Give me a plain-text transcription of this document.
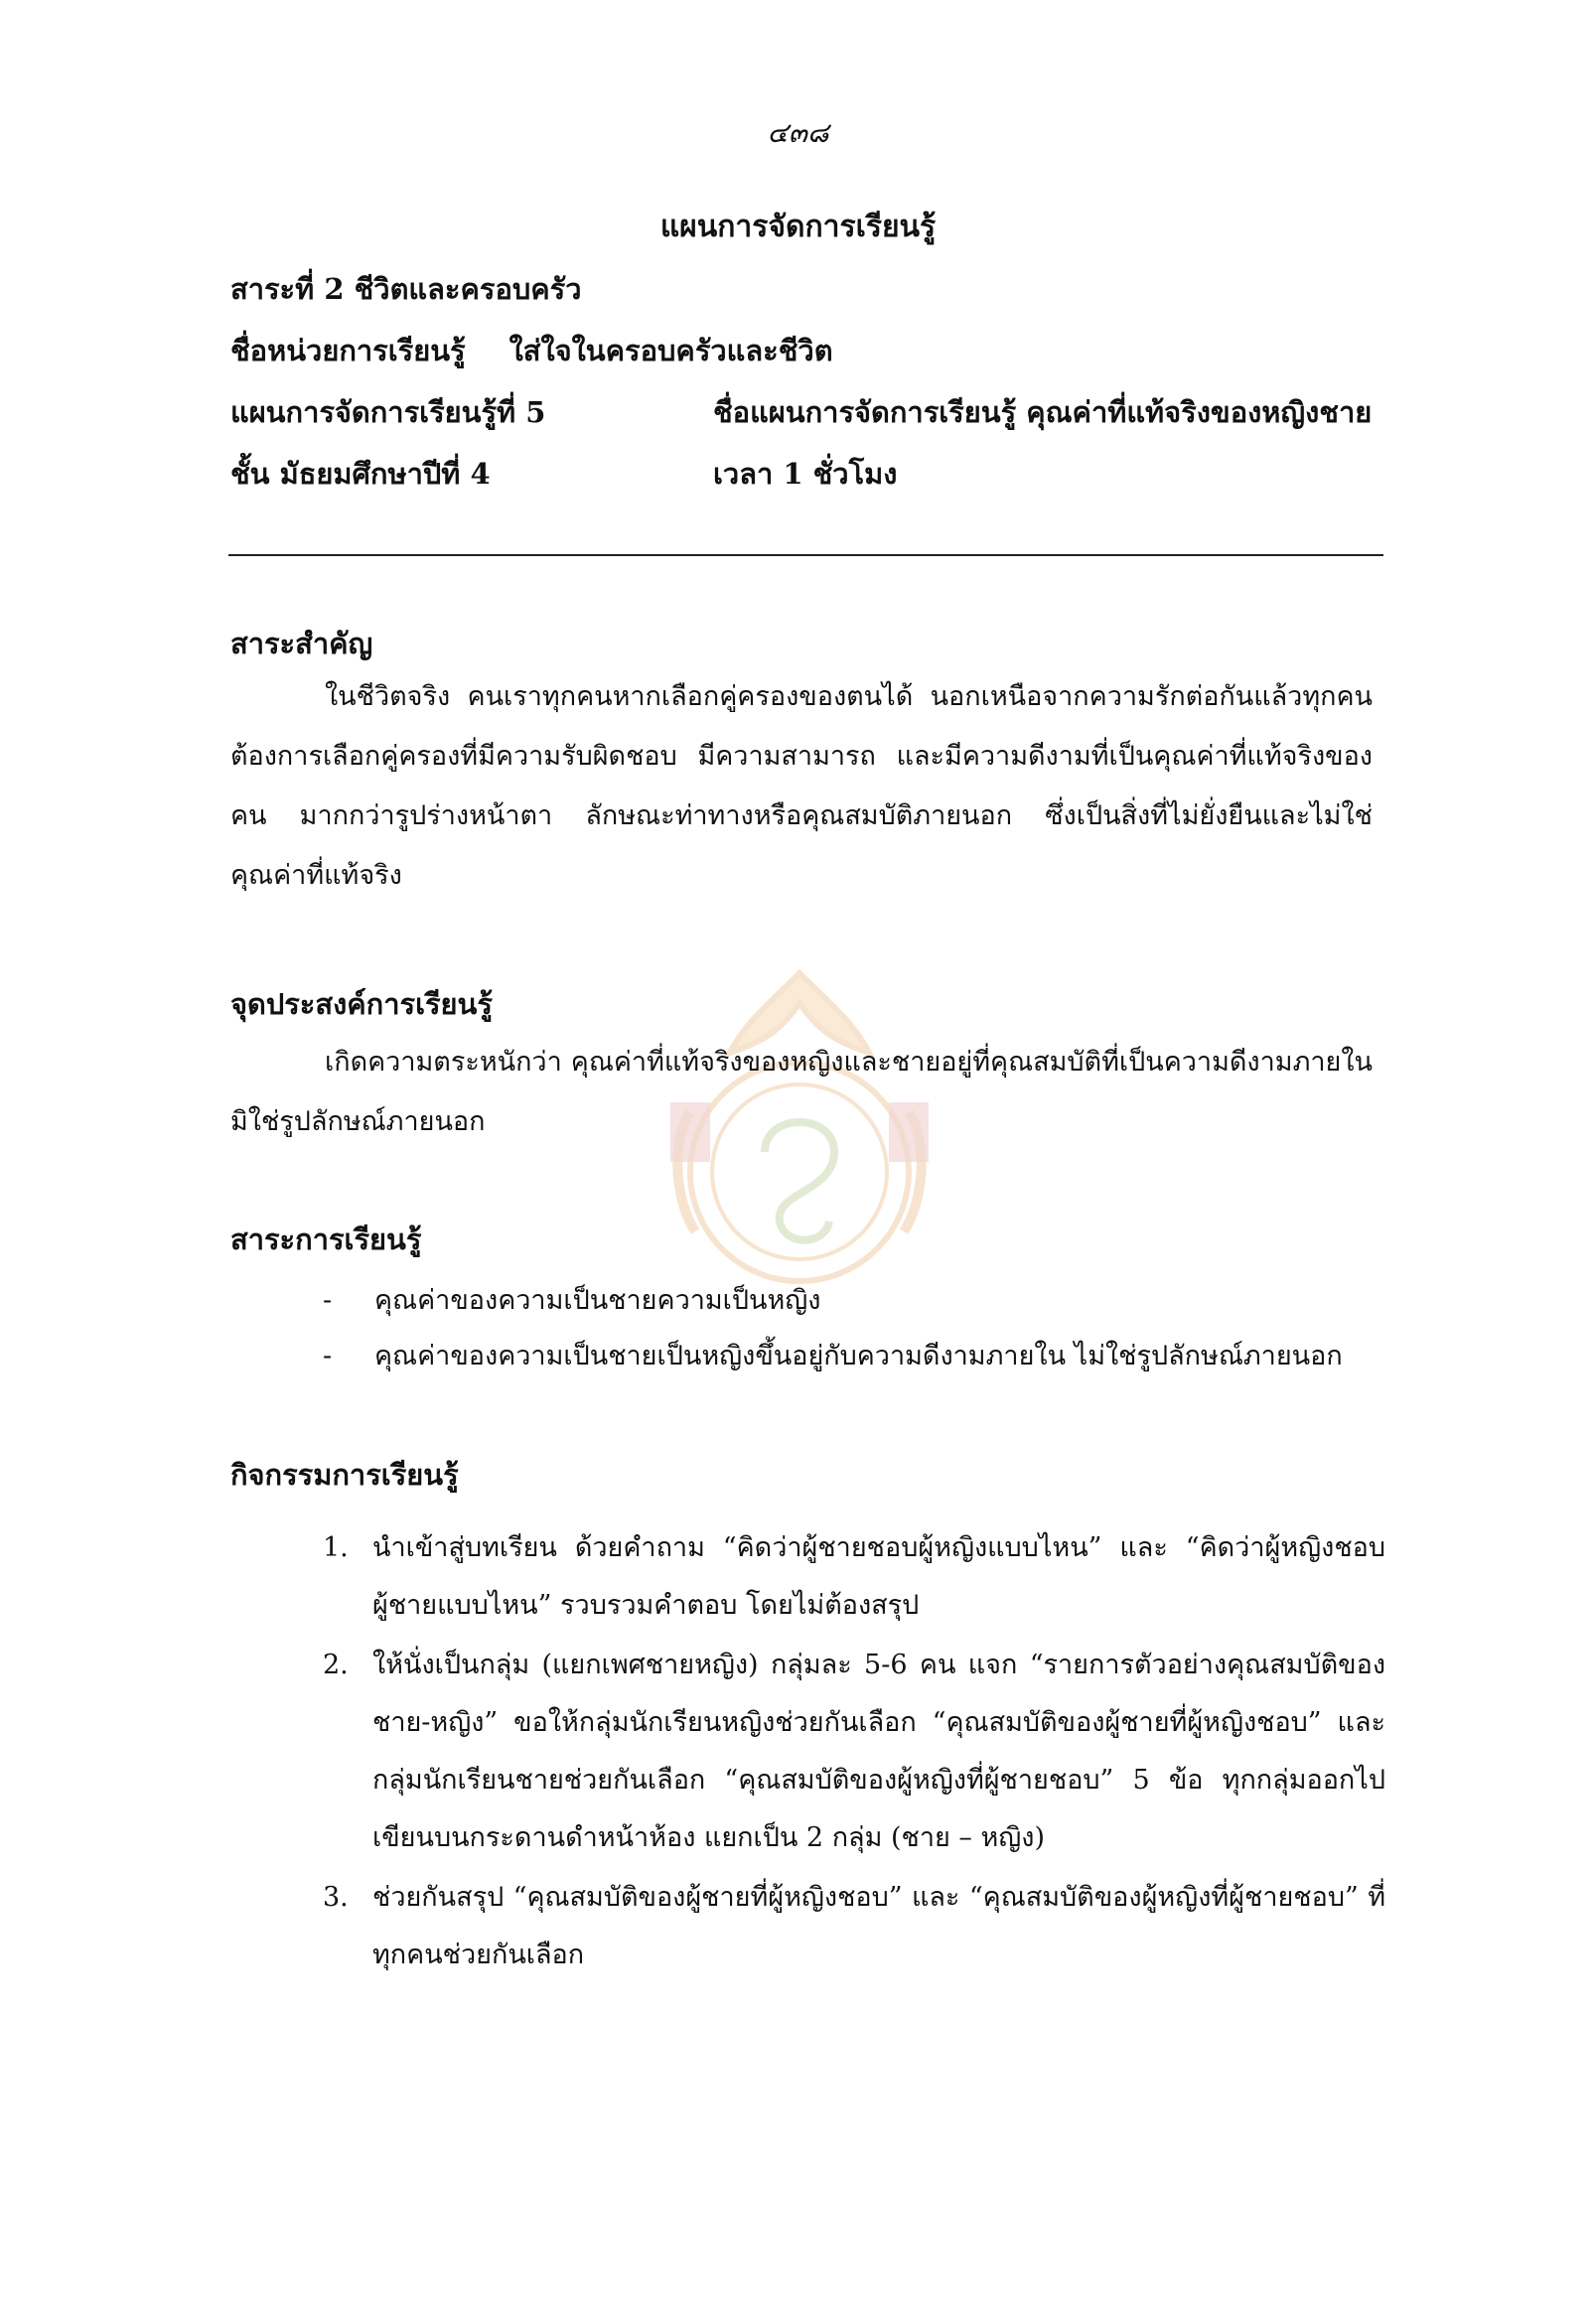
๔๓๘
แผนการจัดการเรียนรู้
สาระที่ 2 ชีวิตและครอบครัว
ชื่อหน่วยการเรียนรู้ ใส่ใจในครอบครัวและชีวิต
แผนการจัดการเรียนรู้ที่ 5	ชื่อแผนการจัดการเรียนรู้ คุณค่าที่แท้จริงของหญิงชาย
ชั้น มัธยมศึกษาปีที่ 4	เวลา 1 ชั่วโมง
สาระสำคัญ
ในชีวิตจริง คนเราทุกคนหากเลือกคู่ครองของตนได้ นอกเหนือจากความรักต่อกันแล้วทุกคนต้องการเลือกคู่ครองที่มีความรับผิดชอบ มีความสามารถ และมีความดีงามที่เป็นคุณค่าที่แท้จริงของคน มากกว่ารูปร่างหน้าตา ลักษณะท่าทางหรือคุณสมบัติภายนอก ซึ่งเป็นสิ่งที่ไม่ยั่งยืนและไม่ใช่คุณค่าที่แท้จริง
จุดประสงค์การเรียนรู้
เกิดความตระหนักว่า คุณค่าที่แท้จริงของหญิงและชายอยู่ที่คุณสมบัติที่เป็นความดีงามภายในมิใช่รูปลักษณ์ภายนอก
สาระการเรียนรู้
-	คุณค่าของความเป็นชายความเป็นหญิง
-	คุณค่าของความเป็นชายเป็นหญิงขึ้นอยู่กับความดีงามภายใน ไม่ใช่รูปลักษณ์ภายนอก
กิจกรรมการเรียนรู้
1. นำเข้าสู่บทเรียน ด้วยคำถาม “คิดว่าผู้ชายชอบผู้หญิงแบบไหน” และ “คิดว่าผู้หญิงชอบผู้ชายแบบไหน” รวบรวมคำตอบ โดยไม่ต้องสรุป
2. ให้นั่งเป็นกลุ่ม (แยกเพศชายหญิง) กลุ่มละ 5-6 คน แจก “รายการตัวอย่างคุณสมบัติของชาย-หญิง” ขอให้กลุ่มนักเรียนหญิงช่วยกันเลือก “คุณสมบัติของผู้ชายที่ผู้หญิงชอบ” และกลุ่มนักเรียนชายช่วยกันเลือก “คุณสมบัติของผู้หญิงที่ผู้ชายชอบ” 5 ข้อ ทุกกลุ่มออกไปเขียนบนกระดานดำหน้าห้อง แยกเป็น 2 กลุ่ม (ชาย – หญิง)
3. ช่วยกันสรุป “คุณสมบัติของผู้ชายที่ผู้หญิงชอบ” และ “คุณสมบัติของผู้หญิงที่ผู้ชายชอบ” ที่ทุกคนช่วยกันเลือก
